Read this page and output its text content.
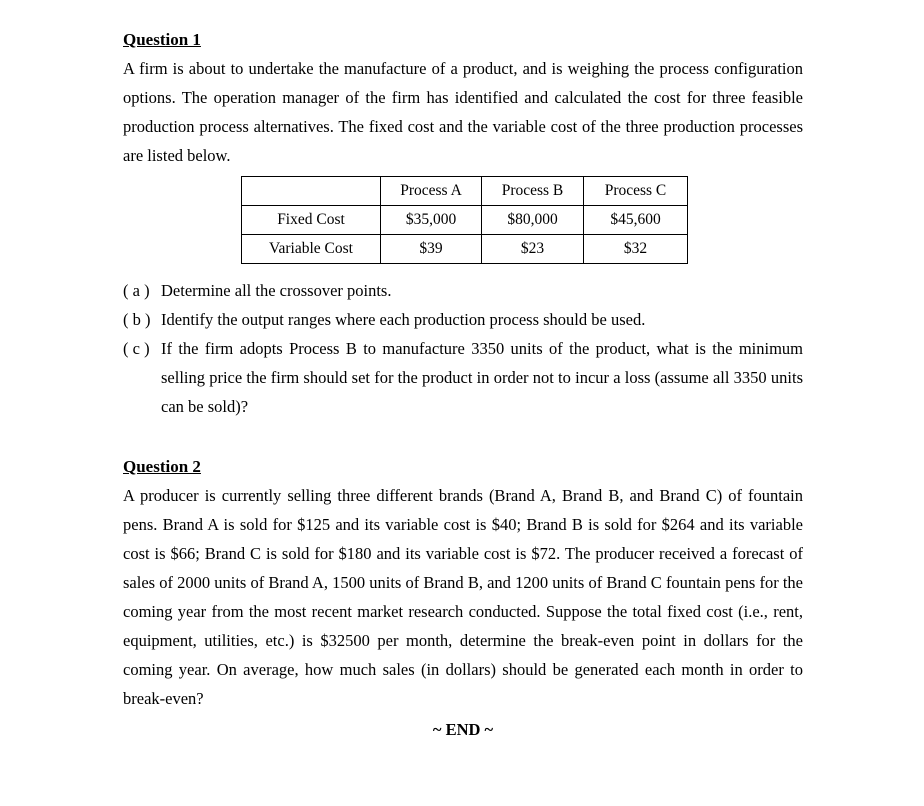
Question 1

A firm is about to undertake the manufacture of a product, and is weighing the process configuration options. The operation manager of the firm has identified and calculated the cost for three feasible production process alternatives. The fixed cost and the variable cost of the three production processes are listed below.

	Process A	Process B	Process C
Fixed Cost	$35,000	$80,000	$45,600
Variable Cost	$39	$23	$32
( a ) Determine all the crossover points.
( b ) Identify the output ranges where each production process should be used.
( c ) If the firm adopts Process B to manufacture 3350 units of the product, what is the minimum selling price the firm should set for the product in order not to incur a loss (assume all 3350 units can be sold)?

Question 2

A producer is currently selling three different brands (Brand A, Brand B, and Brand C) of fountain pens. Brand A is sold for $125 and its variable cost is $40; Brand B is sold for $264 and its variable cost is $66; Brand C is sold for $180 and its variable cost is $72. The producer received a forecast of sales of 2000 units of Brand A, 1500 units of Brand B, and 1200 units of Brand C fountain pens for the coming year from the most recent market research conducted. Suppose the total fixed cost (i.e., rent, equipment, utilities, etc.) is $32500 per month, determine the break-even point in dollars for the coming year. On average, how much sales (in dollars) should be generated each month in order to break-even?

~ END ~
